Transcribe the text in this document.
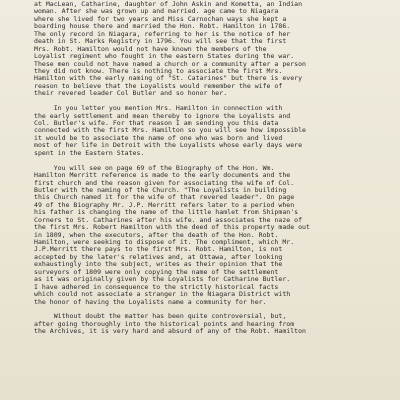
at MacLean, Catharine, daughter of John Askin and Kometta, an Indian
woman. After she was grown up and married. age came to Niagara
where she lived for two years and Miss Carnochan ways she kept a
boarding house there and married the Hon. Robt. Hamilton in 1786.
The only record in Niagara, referring to her is the notice of her
death in St. Marks Registry in 1796. You will see that the first
Mrs. Robt. Hamilton would not have known the members of the
Loyalist regiment who fought in the eastern States during the war.
These men could not have named a church or a community after a person
they did not know. There is nothing to associate the first Mrs.
Hamilton with the early naming of "St. Catarines" but there is every
reason to believe that the Loyalists would remember the wife of
their revered leader Col Butler and so honor her.
In you letter you mention Mrs. Hamilton in connection with
the early settlement and mean thereby to ignore the Loyalists and
Col. Butler's wife. For that reason I am sending you this data
connected with the first Mrs. Hamilton so you will see how impossible
it would be to associate the name of one who was born and lived
most of her life in Detroit with the Loyalists whose early days were
spent in the Eastern States.
You will see on page 69 of the Biography of the Hon. Wm.
Hamilton Merritt reference is made to the early documents and the
first church and the reason given for associating the wife of Col.
Butler with the naming of the Church. "The Loyalists in building
this Church named it for the wife of that revered leader". On page
49 of the Biography Mr. J.P. Merritt refers later to a period when
his father is changing the name of the little hamlet from Shipman's
Corners to St. Catharines after his wife. and associates the naze of
the first Mrs. Robert Hamilton with the deed of this property made out
in 1809, when the executors, after the death of the Hon. Robt.
Hamilton, were seeking to dispose of it. The compliment, which Mr.
J.P.Merritt there pays to the first Mrs. Robt. Hamilton, is not
accepted by the later's relatives and, at Ottawa, after looking
exhaustingly into the subject, writes as their opinion that the
surveyors of 1809 were only copying the name of the settlement
as it was originally given by the Loyalists for Catharine Butler.
I have adhered in consequence to the strictly historical facts
which could not associate a stranger in the Niagara District with
the honor of having the Loyalists name a community for her.
Without doubt the matter has been quite controversial, but,
after going thoroughly into the historical points and hearing from
the Archives, it is very hard and absurd of any of the Robt. Hamilton
